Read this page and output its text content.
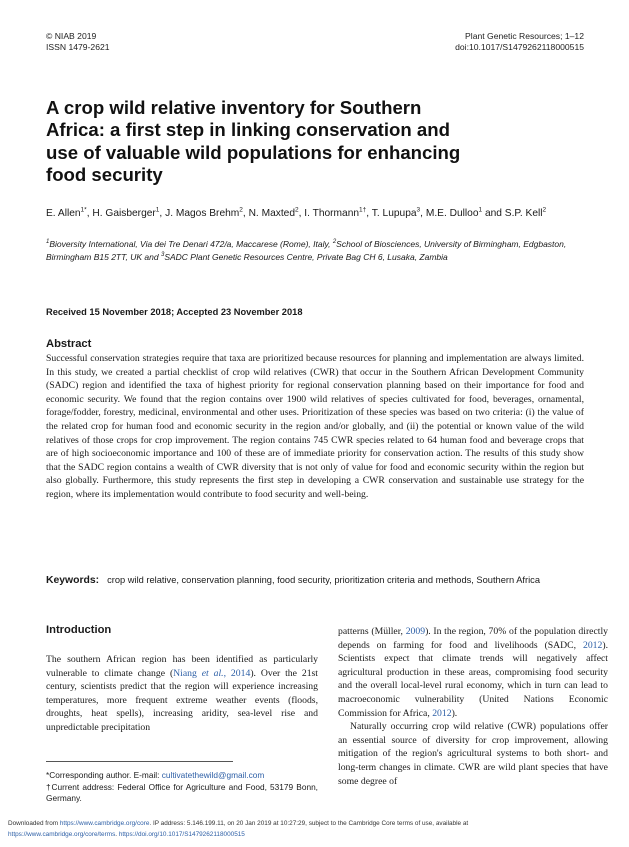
© NIAB 2019
ISSN 1479-2621
Plant Genetic Resources; 1–12
doi:10.1017/S1479262118000515
A crop wild relative inventory for Southern Africa: a first step in linking conservation and use of valuable wild populations for enhancing food security
E. Allen$^{1*}$, H. Gaisberger$^1$, J. Magos Brehm$^2$, N. Maxted$^2$, I. Thormann$^{1\dagger}$, T. Lupupa$^3$, M.E. Dulloo$^1$ and S.P. Kell$^2$
$^1$Bioversity International, Via dei Tre Denari 472/a, Maccarese (Rome), Italy, $^2$School of Biosciences, University of Birmingham, Edgbaston, Birmingham B15 2TT, UK and $^3$SADC Plant Genetic Resources Centre, Private Bag CH 6, Lusaka, Zambia
Received 15 November 2018; Accepted 23 November 2018
Abstract
Successful conservation strategies require that taxa are prioritized because resources for planning and implementation are always limited. In this study, we created a partial checklist of crop wild relatives (CWR) that occur in the Southern African Development Community (SADC) region and identified the taxa of highest priority for regional conservation planning based on their importance for food and economic security. We found that the region contains over 1900 wild relatives of species cultivated for food, beverages, ornamental, forage/fodder, forestry, medicinal, environmental and other uses. Prioritization of these species was based on two criteria: (i) the value of the related crop for human food and economic security in the region and/or globally, and (ii) the potential or known value of the wild relatives of those crops for crop improvement. The region contains 745 CWR species related to 64 human food and beverage crops that are of high socioeconomic importance and 100 of these are of immediate priority for conservation action. The results of this study show that the SADC region contains a wealth of CWR diversity that is not only of value for food and economic security within the region but also globally. Furthermore, this study represents the first step in developing a CWR conservation and sustainable use strategy for the region, where its implementation would contribute to food security and well-being.
Keywords: crop wild relative, conservation planning, food security, prioritization criteria and methods, Southern Africa
Introduction

The southern African region has been identified as particularly vulnerable to climate change (Niang et al., 2014). Over the 21st century, scientists predict that the region will experience increasing temperatures, more frequent extreme weather events (floods, droughts, heat spells), increasing aridity, sea-level rise and unpredictable precipitation

patterns (Müller, 2009). In the region, 70% of the population directly depends on farming for food and livelihoods (SADC, 2012). Scientists expect that climate trends will negatively affect agricultural production in these areas, compromising food security and the overall local-level rural economy, which in turn can lead to macroeconomic vulnerability (United Nations Economic Commission for Africa, 2012).

Naturally occurring crop wild relative (CWR) populations offer an essential source of diversity for crop improvement, allowing mitigation of the region's agricultural systems to both short- and long-term changes in climate. CWR are wild plant species that have some degree of

*Corresponding author. E-mail: cultivatethewild@gmail.com

†Current address: Federal Office for Agriculture and Food, 53179 Bonn, Germany.

Downloaded from https://www.cambridge.org/core. IP address: 5.146.199.11, on 20 Jan 2019 at 10:27:29, subject to the Cambridge Core terms of use, available at
https://www.cambridge.org/core/terms. https://doi.org/10.1017/S1479262118000515
